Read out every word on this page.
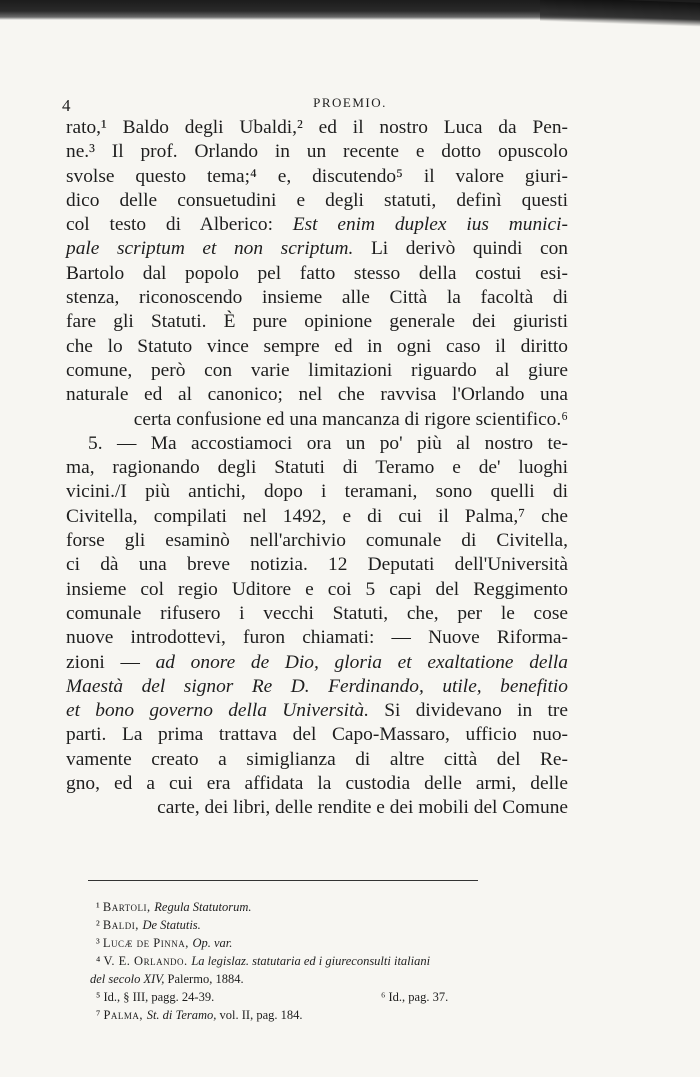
4	PROEMIO.
rato,¹ Baldo degli Ubaldi,² ed il nostro Luca da Pen-
ne.³ Il prof. Orlando in un recente e dotto opuscolo
svolse questo tema;⁴ e, discutendo⁵ il valore giuri-
dico delle consuetudini e degli statuti, definì questi
col testo di Alberico: Est enim duplex ius munici-
pale scriptum et non scriptum. Li derivò quindi con
Bartolo dal popolo pel fatto stesso della costui esi-
stenza, riconoscendo insieme alle Città la facoltà di
fare gli Statuti. È pure opinione generale dei giuristi
che lo Statuto vince sempre ed in ogni caso il diritto
comune, però con varie limitazioni riguardo al giure
naturale ed al canonico; nel che ravvisa l'Orlando una
certa confusione ed una mancanza di rigore scientifico.⁶
5. — Ma accostiamoci ora un po' più al nostro te-
ma, ragionando degli Statuti di Teramo e de' luoghi
vicini./I più antichi, dopo i teramani, sono quelli di
Civitella, compilati nel 1492, e di cui il Palma,⁷ che
forse gli esaminò nell'archivio comunale di Civitella,
ci dà una breve notizia. 12 Deputati dell'Università
insieme col regio Uditore e coi 5 capi del Reggimento
comunale rifusero i vecchi Statuti, che, per le cose
nuove introdottevi, furon chiamati: — Nuove Riforma-
zioni — ad onore de Dio, gloria et exaltatione della
Maestà del signor Re D. Ferdinando, utile, benefitio
et bono governo della Università. Si dividevano in tre
parti. La prima trattava del Capo-Massaro, ufficio nuo-
vamente creato a simiglianza di altre città del Re-
gno, ed a cui era affidata la custodia delle armi, delle
carte, dei libri, delle rendite e dei mobili del Comune
¹ Bartoli, Regula Statutorum.
² Baldi, De Statutis.
³ Lucæ de Pinna, Op. var.
⁴ V. E. Orlando. La legislaz. statutaria ed i giureconsulti italiani
del secolo XIV, Palermo, 1884.
⁵ Id., § III, pagg. 24-39.	⁶ Id., pag. 37.
⁷ Palma, St. di Teramo, vol. II, pag. 184.
